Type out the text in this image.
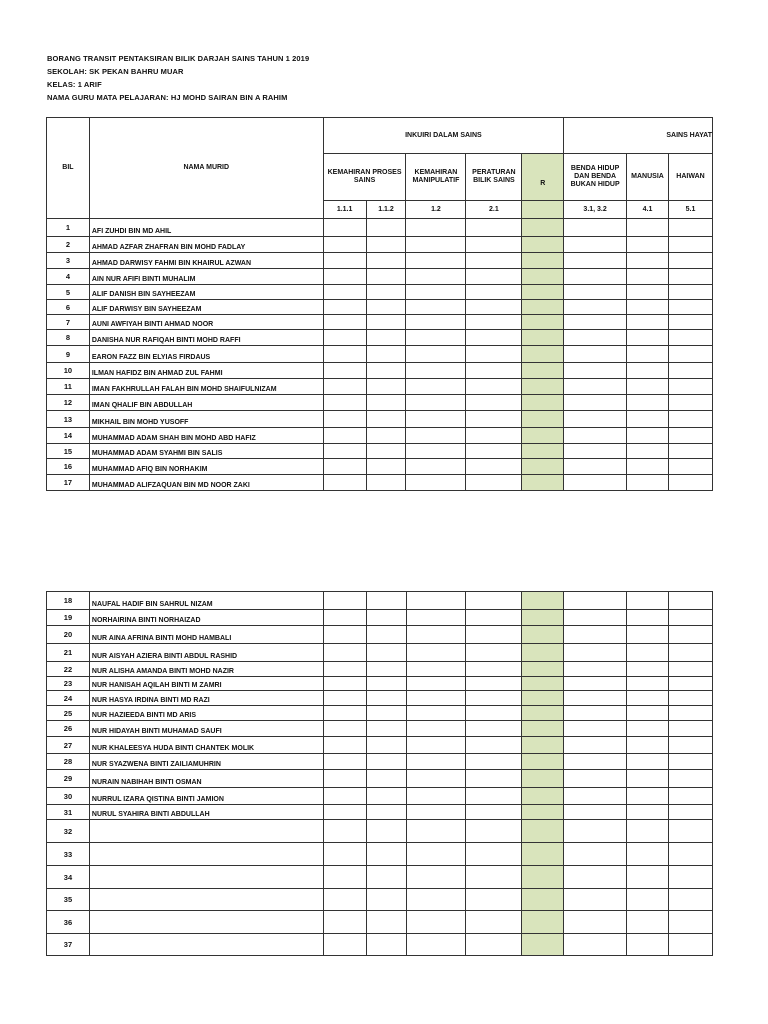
BORANG TRANSIT PENTAKSIRAN BILIK DARJAH SAINS TAHUN 1 2019
SEKOLAH: SK PEKAN BAHRU MUAR
KELAS: 1 ARIF
NAMA GURU MATA PELAJARAN: HJ MOHD SAIRAN BIN A RAHIM
BIL	NAMA MURID	INKUIRI DALAM SAINS					SAINS HAYAT		
		KEMAHIRAN PROSES SAINS		KEMAHIRAN MANIPULATIF	PERATURAN BILIK SAINS	R	BENDA HIDUP DAN BENDA BUKAN HIDUP	MANUSIA	HAIWAN
		1.1.1	1.1.2	1.2	2.1		3.1, 3.2	4.1	5.1
1	AFI ZUHDI BIN MD AHIL								
2	AHMAD AZFAR ZHAFRAN BIN MOHD FADLAY								
3	AHMAD DARWISY FAHMI BIN KHAIRUL AZWAN								
4	AIN NUR AFIFI BINTI MUHALIM								
5	ALIF DANISH BIN SAYHEEZAM								
6	ALIF DARWISY BIN SAYHEEZAM								
7	AUNI AWFIYAH BINTI AHMAD NOOR								
8	DANISHA NUR RAFIQAH BINTI MOHD RAFFI								
9	EARON FAZZ BIN ELYIAS FIRDAUS								
10	ILMAN HAFIDZ BIN AHMAD ZUL FAHMI								
11	IMAN FAKHRULLAH FALAH BIN MOHD SHAIFULNIZAM								
12	IMAN QHALIF BIN ABDULLAH								
13	MIKHAIL BIN MOHD YUSOFF								
14	MUHAMMAD ADAM SHAH BIN MOHD ABD HAFIZ								
15	MUHAMMAD ADAM SYAHMI BIN SALIS								
16	MUHAMMAD AFIQ BIN NORHAKIM								
17	MUHAMMAD ALIFZAQUAN BIN MD NOOR ZAKI								
18	NAUFAL HADIF BIN SAHRUL NIZAM								
19	NORHAIRINA BINTI NORHAIZAD								
20	NUR AINA AFRINA BINTI MOHD HAMBALI								
21	NUR AISYAH AZIERA BINTI ABDUL RASHID								
22	NUR ALISHA AMANDA BINTI MOHD NAZIR								
23	NUR HANISAH AQILAH BINTI M ZAMRI								
24	NUR HASYA IRDINA BINTI MD RAZI								
25	NUR HAZIEEDA BINTI MD ARIS								
26	NUR HIDAYAH BINTI MUHAMAD SAUFI								
27	NUR KHALEESYA HUDA BINTI CHANTEK MOLIK								
28	NUR SYAZWENA BINTI ZAILIAMUHRIN								
29	NURAIN NABIHAH BINTI OSMAN								
30	NURRUL IZARA QISTINA BINTI JAMION								
31	NURUL SYAHIRA BINTI ABDULLAH								
32									
33									
34									
35									
36									
37									
